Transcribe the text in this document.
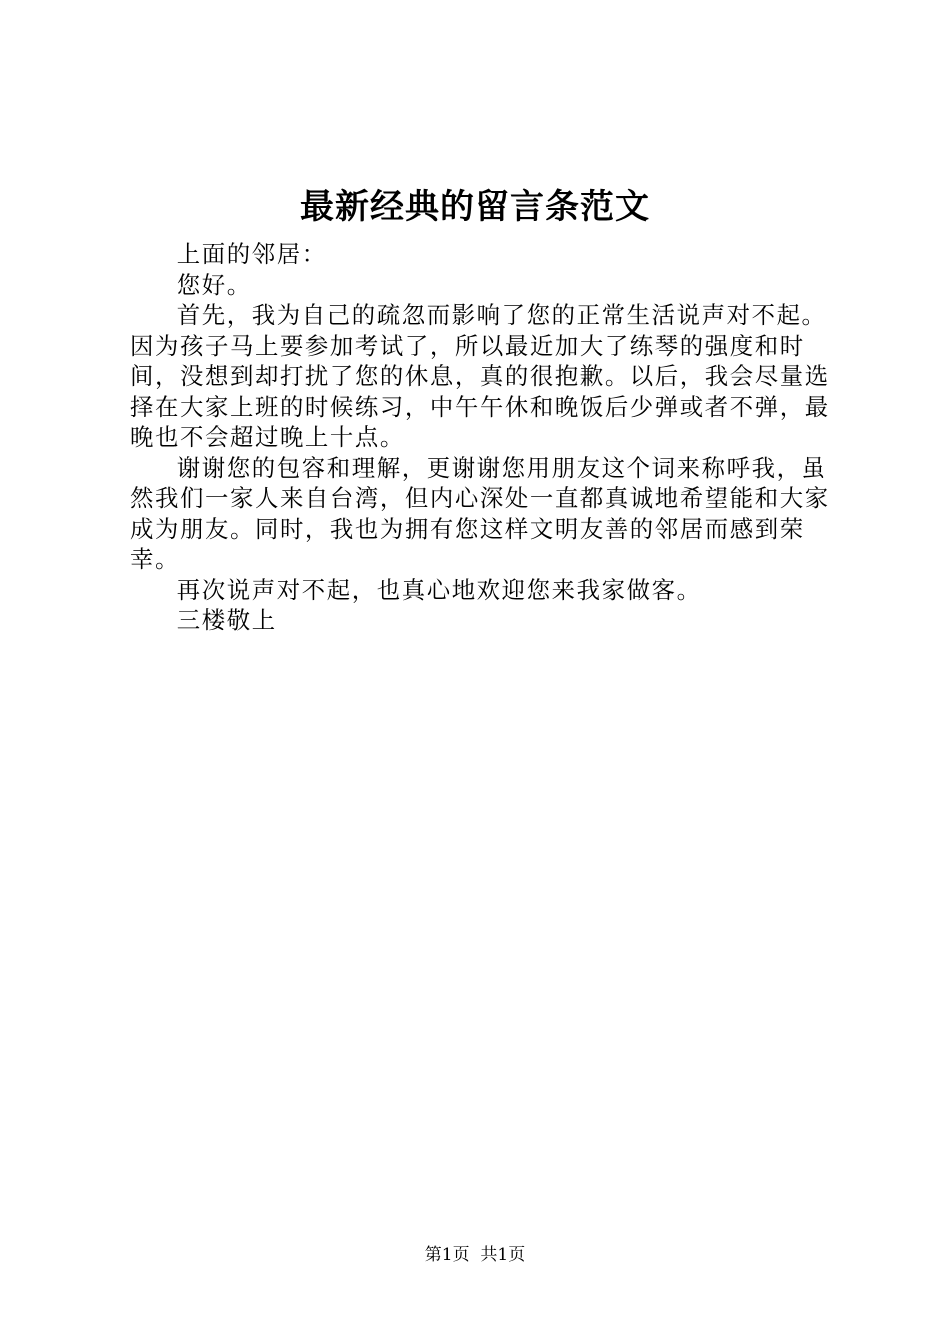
最新经典的留言条范文

上面的邻居：

您好。

首先，我为自己的疏忽而影响了您的正常生活说声对不起。因为孩子马上要参加考试了，所以最近加大了练琴的强度和时间，没想到却打扰了您的休息，真的很抱歉。以后，我会尽量选择在大家上班的时候练习，中午午休和晚饭后少弹或者不弹，最晚也不会超过晚上十点。

谢谢您的包容和理解，更谢谢您用朋友这个词来称呼我，虽然我们一家人来自台湾，但内心深处一直都真诚地希望能和大家成为朋友。同时，我也为拥有您这样文明友善的邻居而感到荣幸。

再次说声对不起，也真心地欢迎您来我家做客。

三楼敬上

第1页  共1页
